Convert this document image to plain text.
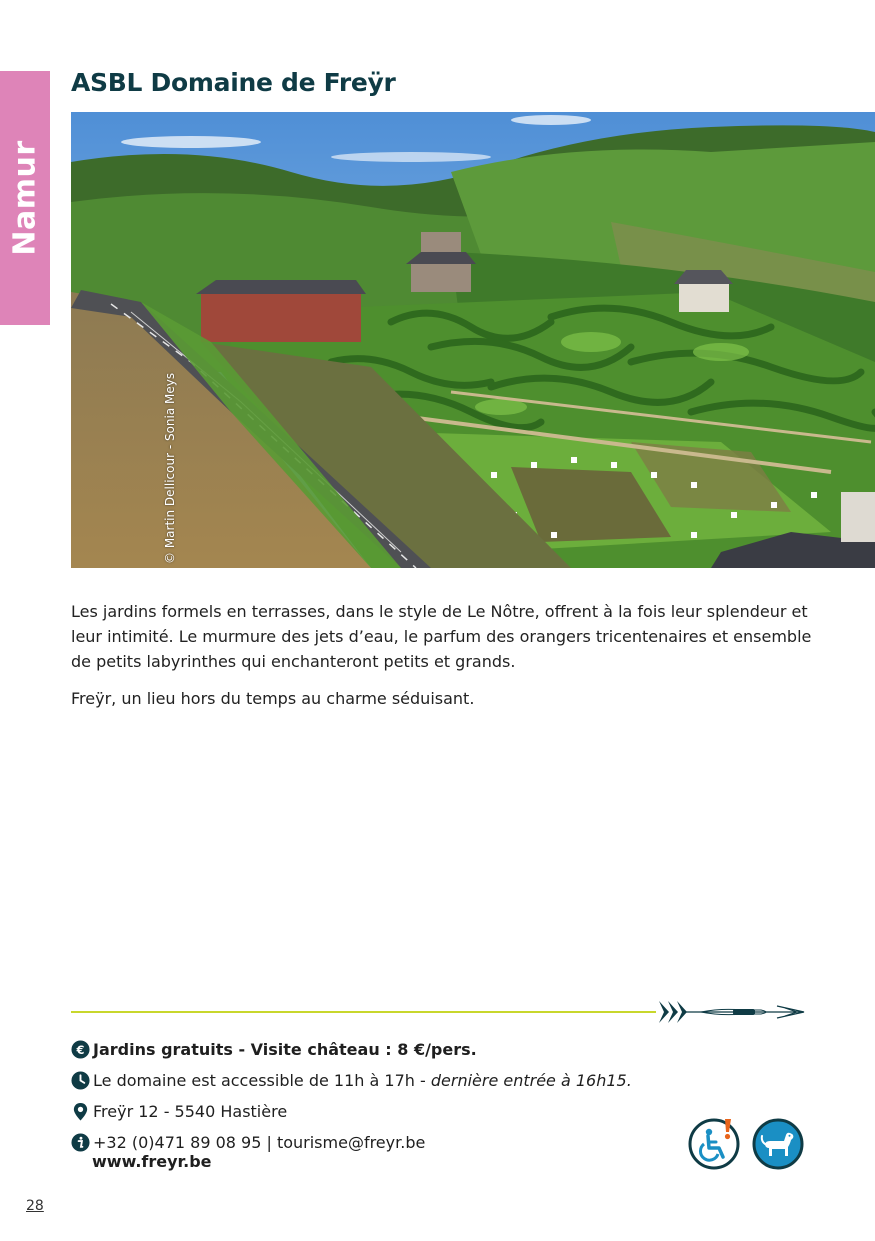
Namur
ASBL Domaine de Freÿr
© Martin Dellicour - Sonia Meys

Les jardins formels en terrasses, dans le style de Le Nôtre, offrent à la fois leur splendeur et leur intimité. Le murmure des jets d’eau, le parfum des orangers tricentenaires et ensemble de petits labyrinthes qui enchanteront petits et grands.

Freÿr, un lieu hors du temps au charme séduisant.

€ Jardins gratuits - Visite château : 8 €/pers.
Le domaine est accessible de 11h à 17h - dernière entrée à 16h15.
Freÿr 12 - 5540 Hastière
+32 (0)471 89 08 95 | tourisme@freyr.be
www.freyr.be
28
